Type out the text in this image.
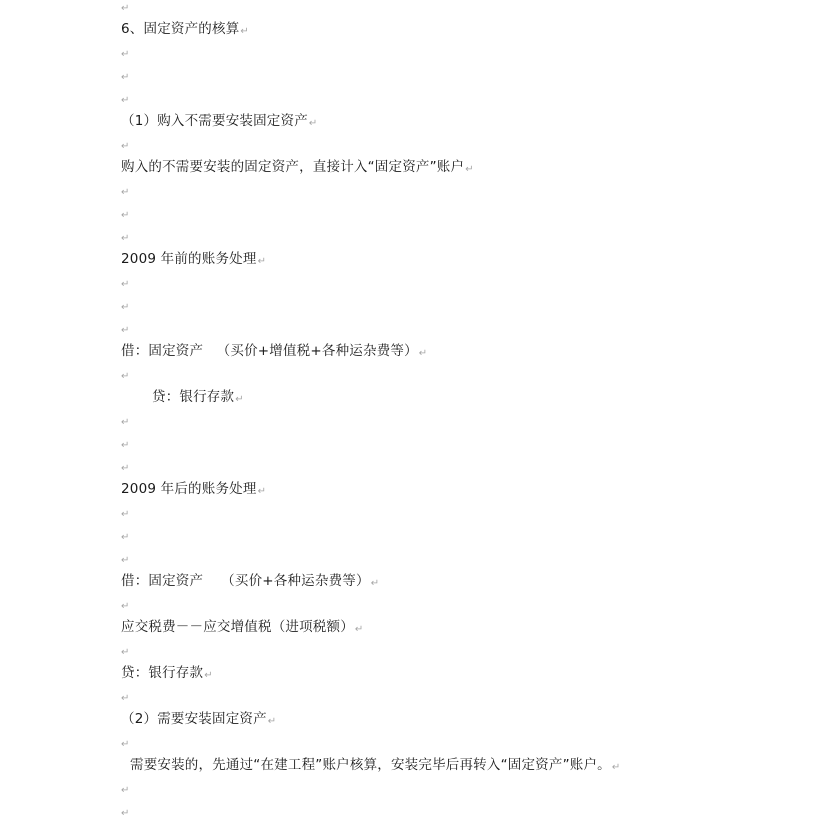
↵
6、固定资产的核算↵
↵
↵
↵
（1）购入不需要安装固定资产↵
↵
购入的不需要安装的固定资产，直接计入“固定资产”账户↵
↵
↵
↵
2009 年前的账务处理↵
↵
↵
↵
借：固定资产   （买价+增值税+各种运杂费等）↵
↵
贷：银行存款↵
↵
↵
↵
2009 年后的账务处理↵
↵
↵
↵
借：固定资产    （买价+各种运杂费等）↵
↵
应交税费－－应交增值税（进项税额）↵
↵
贷：银行存款↵
↵
（2）需要安装固定资产↵
↵
需要安装的，先通过“在建工程”账户核算，安装完毕后再转入“固定资产”账户。↵
↵
↵
